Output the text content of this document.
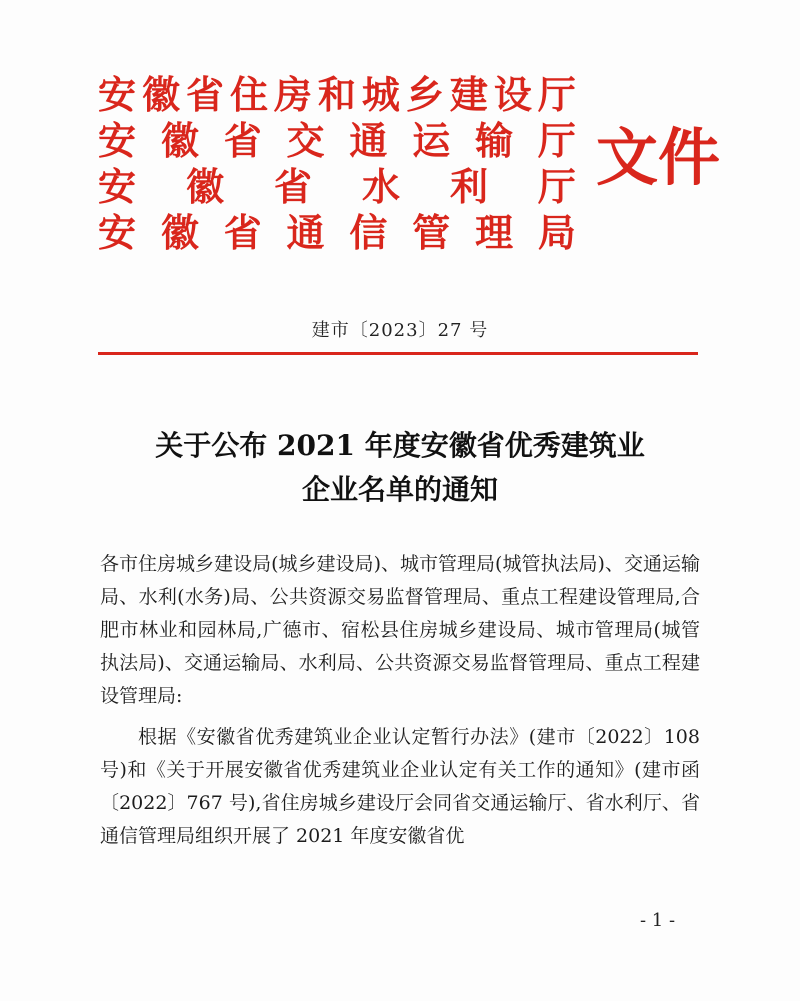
安 徽 省 住 房 和 城 乡 建 设 厅
安 徽 省 交 通 运 输 厅
安 徽 省 水 利 厅
安 徽 省 通 信 管 理 局
文件
建市〔2023〕27 号
关于公布 2021 年度安徽省优秀建筑业
企业名单的通知

各市住房城乡建设局(城乡建设局)、城市管理局(城管执法局)、交通运输局、水利(水务)局、公共资源交易监督管理局、重点工程建设管理局,合肥市林业和园林局,广德市、宿松县住房城乡建设局、城市管理局(城管执法局)、交通运输局、水利局、公共资源交易监督管理局、重点工程建设管理局:

根据《安徽省优秀建筑业企业认定暂行办法》(建市〔2022〕108 号)和《关于开展安徽省优秀建筑业企业认定有关工作的通知》(建市函〔2022〕767 号),省住房城乡建设厅会同省交通运输厅、省水利厅、省通信管理局组织开展了 2021 年度安徽省优

- 1 -
